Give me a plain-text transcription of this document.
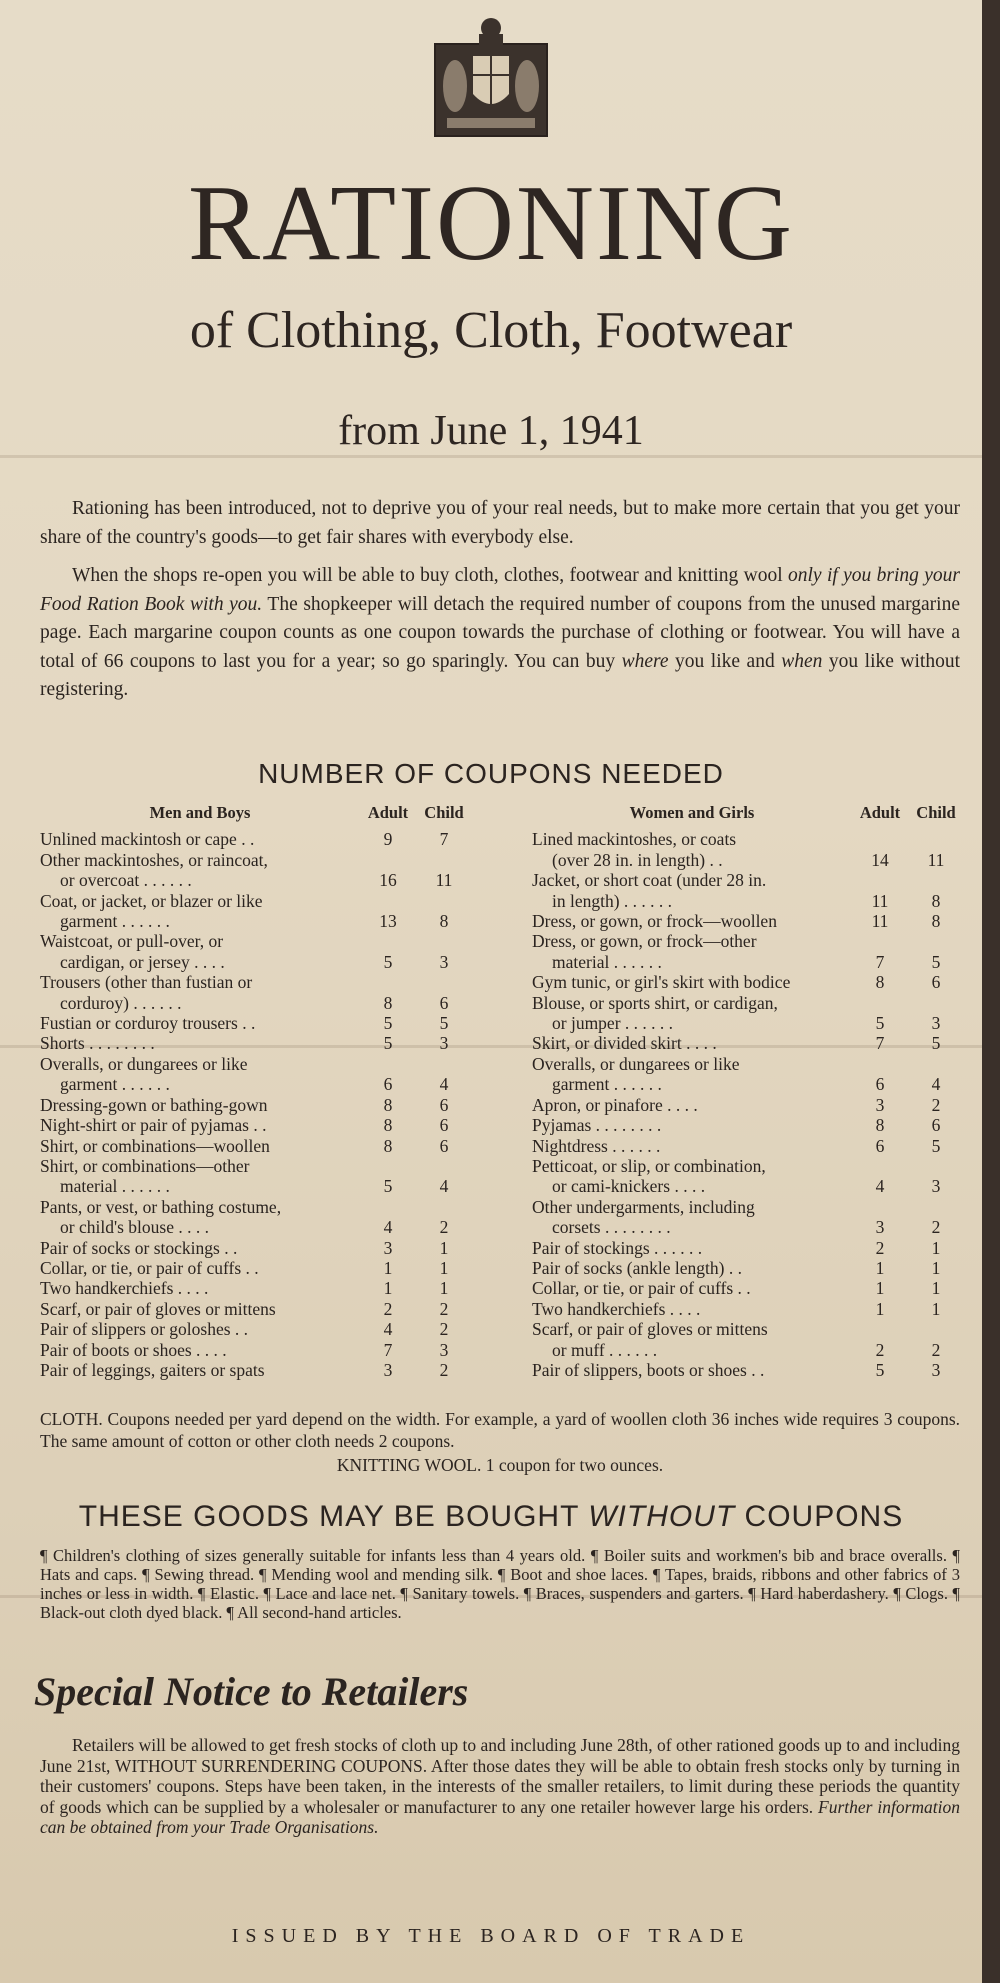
RATIONING
of Clothing, Cloth, Footwear
from June 1, 1941

Rationing has been introduced, not to deprive you of your real needs, but to make more certain that you get your share of the country's goods—to get fair shares with everybody else.

When the shops re-open you will be able to buy cloth, clothes, footwear and knitting wool only if you bring your Food Ration Book with you. The shopkeeper will detach the required number of coupons from the unused margarine page. Each margarine coupon counts as one coupon towards the purchase of clothing or footwear. You will have a total of 66 coupons to last you for a year; so go sparingly. You can buy where you like and when you like without registering.

NUMBER OF COUPONS NEEDED
Men and Boys	Adult Child
Unlined mackintosh or cape . .	9	7
Other mackintoshes, or raincoat,
or overcoat . . . . . .	16	11
Coat, or jacket, or blazer or like
garment . . . . . .	13	8
Waistcoat, or pull-over, or
cardigan, or jersey . . . .	5	3
Trousers (other than fustian or
corduroy) . . . . . .	8	6
Fustian or corduroy trousers . .	5	5
Shorts . . . . . . . .	5	3
Overalls, or dungarees or like
garment . . . . . .	6	4
Dressing-gown or bathing-gown	8	6
Night-shirt or pair of pyjamas . .	8	6
Shirt, or combinations—woollen	8	6
Shirt, or combinations—other
material . . . . . .	5	4
Pants, or vest, or bathing costume,
or child's blouse . . . .	4	2
Pair of socks or stockings . .	3	1
Collar, or tie, or pair of cuffs . .	1	1
Two handkerchiefs . . . .	1	1
Scarf, or pair of gloves or mittens	2	2
Pair of slippers or goloshes . .	4	2
Pair of boots or shoes . . . .	7	3
Pair of leggings, gaiters or spats	3	2
Women and Girls	Adult Child
Lined mackintoshes, or coats
(over 28 in. in length) . .	14	11
Jacket, or short coat (under 28 in.
in length) . . . . . .	11	8
Dress, or gown, or frock—woollen	11	8
Dress, or gown, or frock—other
material . . . . . .	7	5
Gym tunic, or girl's skirt with bodice	8	6
Blouse, or sports shirt, or cardigan,
or jumper . . . . . .	5	3
Skirt, or divided skirt . . . .	7	5
Overalls, or dungarees or like
garment . . . . . .	6	4
Apron, or pinafore . . . .	3	2
Pyjamas . . . . . . . .	8	6
Nightdress . . . . . .	6	5
Petticoat, or slip, or combination,
or cami-knickers . . . .	4	3
Other undergarments, including
corsets . . . . . . . .	3	2
Pair of stockings . . . . . .	2	1
Pair of socks (ankle length) . .	1	1
Collar, or tie, or pair of cuffs . .	1	1
Two handkerchiefs . . . .	1	1
Scarf, or pair of gloves or mittens
or muff . . . . . .	2	2
Pair of slippers, boots or shoes . .	5	3

CLOTH. Coupons needed per yard depend on the width. For example, a yard of woollen cloth 36 inches wide requires 3 coupons. The same amount of cotton or other cloth needs 2 coupons.

KNITTING WOOL. 1 coupon for two ounces.

THESE GOODS MAY BE BOUGHT WITHOUT COUPONS
¶ Children's clothing of sizes generally suitable for infants less than 4 years old. ¶ Boiler suits and workmen's bib and brace overalls. ¶ Hats and caps. ¶ Sewing thread. ¶ Mending wool and mending silk. ¶ Boot and shoe laces. ¶ Tapes, braids, ribbons and other fabrics of 3 inches or less in width. ¶ Elastic. ¶ Lace and lace net. ¶ Sanitary towels. ¶ Braces, suspenders and garters. ¶ Hard haberdashery. ¶ Clogs. ¶ Black-out cloth dyed black. ¶ All second-hand articles.
Special Notice to Retailers
Retailers will be allowed to get fresh stocks of cloth up to and including June 28th, of other rationed goods up to and including June 21st, WITHOUT SURRENDERING COUPONS. After those dates they will be able to obtain fresh stocks only by turning in their customers' coupons. Steps have been taken, in the interests of the smaller retailers, to limit during these periods the quantity of goods which can be supplied by a wholesaler or manufacturer to any one retailer however large his orders. Further information can be obtained from your Trade Organisations.
ISSUED BY THE BOARD OF TRADE
